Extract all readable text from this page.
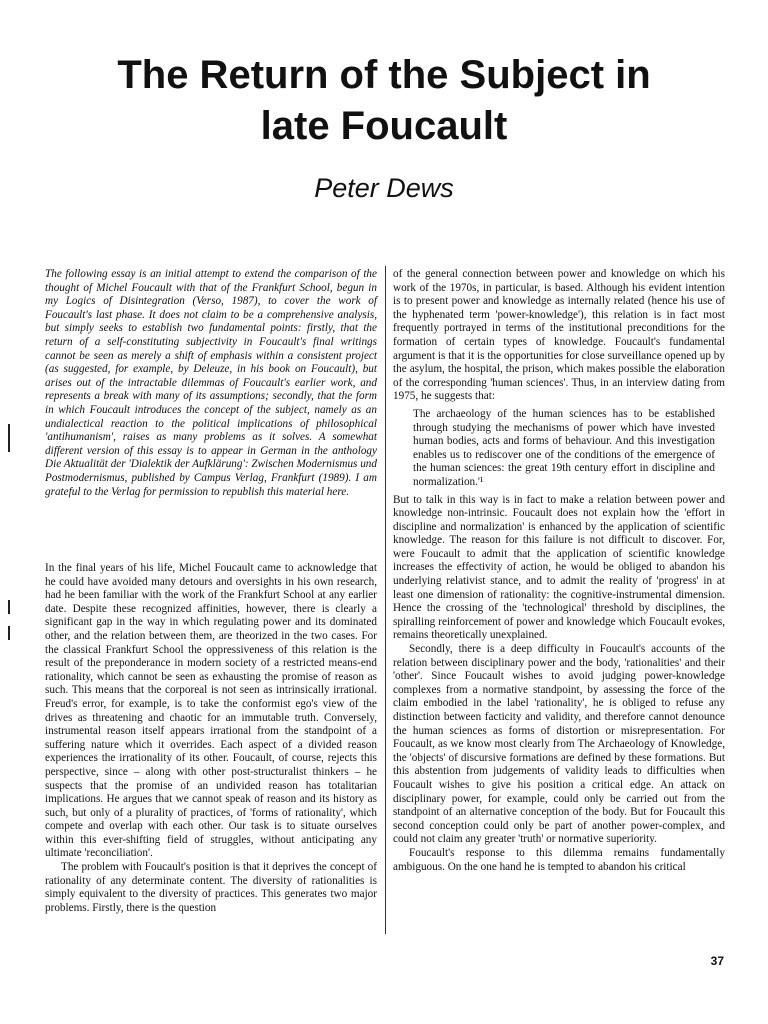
The Return of the Subject in
late Foucault
Peter Dews

The following essay is an initial attempt to extend the comparison of the thought of Michel Foucault with that of the Frankfurt School, begun in my Logics of Disintegration (Verso, 1987), to cover the work of Foucault's last phase. It does not claim to be a comprehensive analysis, but simply seeks to establish two fundamental points: firstly, that the return of a self-constituting subjectivity in Foucault's final writings cannot be seen as merely a shift of emphasis within a consistent project (as suggested, for example, by Deleuze, in his book on Foucault), but arises out of the intractable dilemmas of Foucault's earlier work, and represents a break with many of its assumptions; secondly, that the form in which Foucault introduces the concept of the subject, namely as an undialectical reaction to the political implications of philosophical 'antihumanism', raises as many problems as it solves. A somewhat different version of this essay is to appear in German in the anthology Die Aktualität der 'Dialektik der Aufklärung': Zwischen Modernismus und Postmodernismus, published by Campus Verlag, Frankfurt (1989). I am grateful to the Verlag for permission to republish this material here.

In the final years of his life, Michel Foucault came to acknowledge that he could have avoided many detours and oversights in his own research, had he been familiar with the work of the Frankfurt School at any earlier date. Despite these recognized affinities, however, there is clearly a significant gap in the way in which regulating power and its dominated other, and the relation between them, are theorized in the two cases. For the classical Frankfurt School the oppressiveness of this relation is the result of the preponderance in modern society of a restricted means-end rationality, which cannot be seen as exhausting the promise of reason as such. This means that the corporeal is not seen as intrinsically irrational. Freud's error, for example, is to take the conformist ego's view of the drives as threatening and chaotic for an immutable truth. Conversely, instrumental reason itself appears irrational from the standpoint of a suffering nature which it overrides. Each aspect of a divided reason experiences the irrationality of its other. Foucault, of course, rejects this perspective, since – along with other post-structuralist thinkers – he suspects that the promise of an undivided reason has totalitarian implications. He argues that we cannot speak of reason and its history as such, but only of a plurality of practices, of 'forms of rationality', which compete and overlap with each other. Our task is to situate ourselves within this ever-shifting field of struggles, without anticipating any ultimate 'reconciliation'.

The problem with Foucault's position is that it deprives the concept of rationality of any determinate content. The diversity of rationalities is simply equivalent to the diversity of practices. This generates two major problems. Firstly, there is the question

of the general connection between power and knowledge on which his work of the 1970s, in particular, is based. Although his evident intention is to present power and knowledge as internally related (hence his use of the hyphenated term 'power-knowledge'), this relation is in fact most frequently portrayed in terms of the institutional preconditions for the formation of certain types of knowledge. Foucault's fundamental argument is that it is the opportunities for close surveillance opened up by the asylum, the hospital, the prison, which makes possible the elaboration of the corresponding 'human sciences'. Thus, in an interview dating from 1975, he suggests that:

The archaeology of the human sciences has to be established through studying the mechanisms of power which have invested human bodies, acts and forms of behaviour. And this investigation enables us to rediscover one of the conditions of the emergence of the human sciences: the great 19th century effort in discipline and normalization.'¹

But to talk in this way is in fact to make a relation between power and knowledge non-intrinsic. Foucault does not explain how the 'effort in discipline and normalization' is enhanced by the application of scientific knowledge. The reason for this failure is not difficult to discover. For, were Foucault to admit that the application of scientific knowledge increases the effectivity of action, he would be obliged to abandon his underlying relativist stance, and to admit the reality of 'progress' in at least one dimension of rationality: the cognitive-instrumental dimension. Hence the crossing of the 'technological' threshold by disciplines, the spiralling reinforcement of power and knowledge which Foucault evokes, remains theoretically unexplained.

Secondly, there is a deep difficulty in Foucault's accounts of the relation between disciplinary power and the body, 'rationalities' and their 'other'. Since Foucault wishes to avoid judging power-knowledge complexes from a normative standpoint, by assessing the force of the claim embodied in the label 'rationality', he is obliged to refuse any distinction between facticity and validity, and therefore cannot denounce the human sciences as forms of distortion or misrepresentation. For Foucault, as we know most clearly from The Archaeology of Knowledge, the 'objects' of discursive formations are defined by these formations. But this abstention from judgements of validity leads to difficulties when Foucault wishes to give his position a critical edge. An attack on disciplinary power, for example, could only be carried out from the standpoint of an alternative conception of the body. But for Foucault this second conception could only be part of another power-complex, and could not claim any greater 'truth' or normative superiority.

Foucault's response to this dilemma remains fundamentally ambiguous. On the one hand he is tempted to abandon his critical

37
